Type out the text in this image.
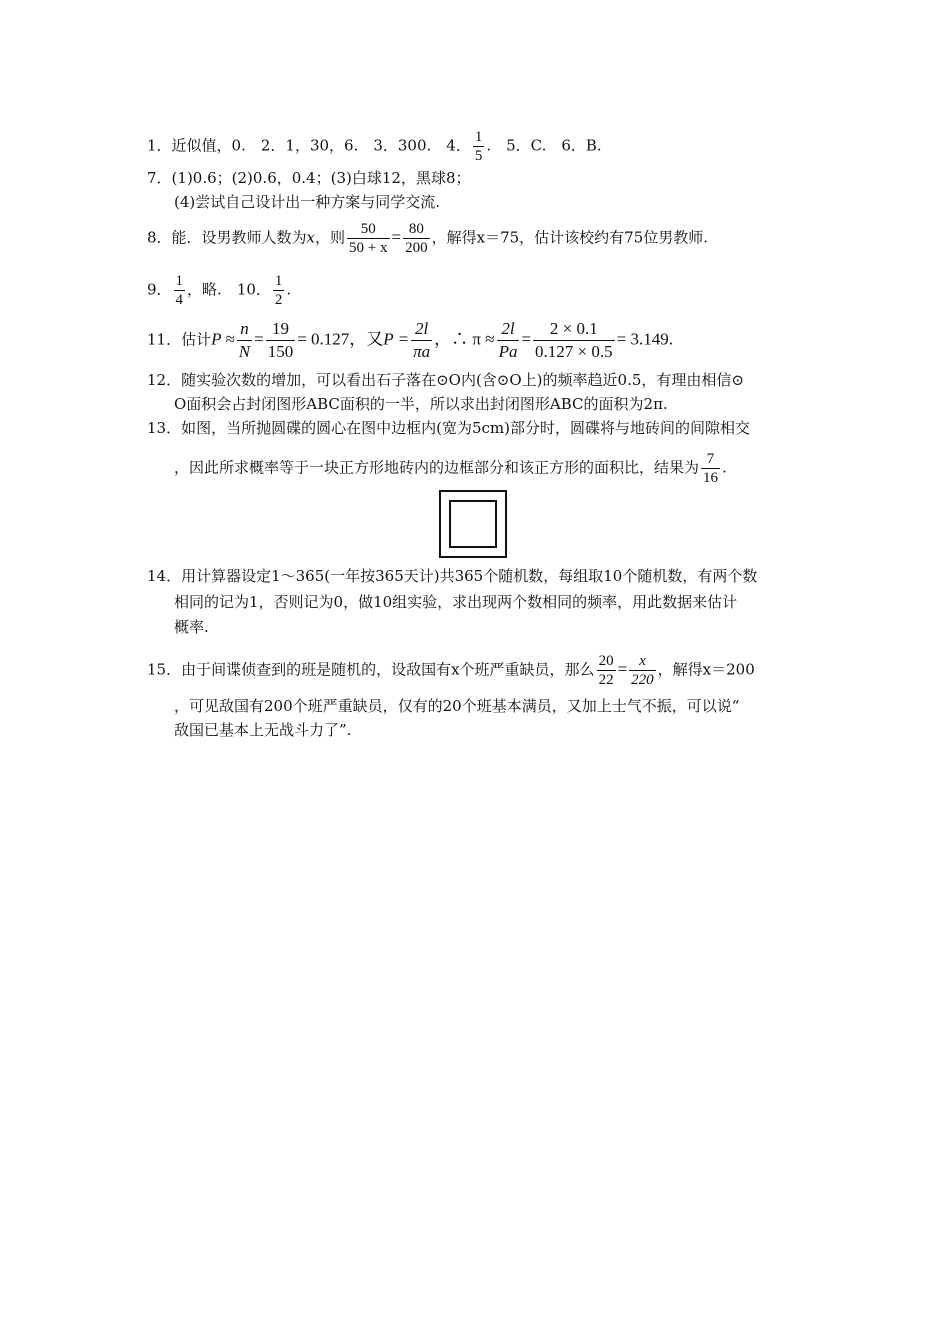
1．近似值，0.　2．1，30，6.　3．300.　4． $\frac{1}{5}$ .　5．C.　6．B.
7．(1)0.6；(2)0.6，0.4；(3)白球12，黑球8；
(4)尝试自己设计出一种方案与同学交流.
8．能．设男教师人数为x，则 $\frac{50}{50 + x} = \frac{80}{200}$ ，解得x＝75，估计该校约有75位男教师.
9． $\frac{1}{4}$ ，略.　10． $\frac{1}{2}$ .
11．估计$P \approx \frac{n}{N} = \frac{19}{150} = 0.127$，又$P = \frac{2l}{\pi a}$ ，∴ $\pi \approx \frac{2l}{Pa} = \frac{2 \times 0.1}{0.127 \times 0.5} = 3.149$.
12．随实验次数的增加，可以看出石子落在⊙O内(含⊙O上)的频率趋近0.5，有理由相信⊙
O面积会占封闭图形ABC面积的一半，所以求出封闭图形ABC的面积为2π.
13．如图，当所抛圆碟的圆心在图中边框内(宽为5cm)部分时，圆碟将与地砖间的间隙相交
，因此所求概率等于一块正方形地砖内的边框部分和该正方形的面积比，结果为 $\frac{7}{16}$ .
14．用计算器设定1～365(一年按365天计)共365个随机数，每组取10个随机数，有两个数
相同的记为1，否则记为0，做10组实验，求出现两个数相同的频率，用此数据来估计
概率.
15．由于间谍侦查到的班是随机的，设敌国有x个班严重缺员，那么 $\frac{20}{22} = \frac{x}{220}$ ，解得x＝200
，可见敌国有200个班严重缺员，仅有的20个班基本满员，又加上士气不振，可以说“
敌国已基本上无战斗力了”.
